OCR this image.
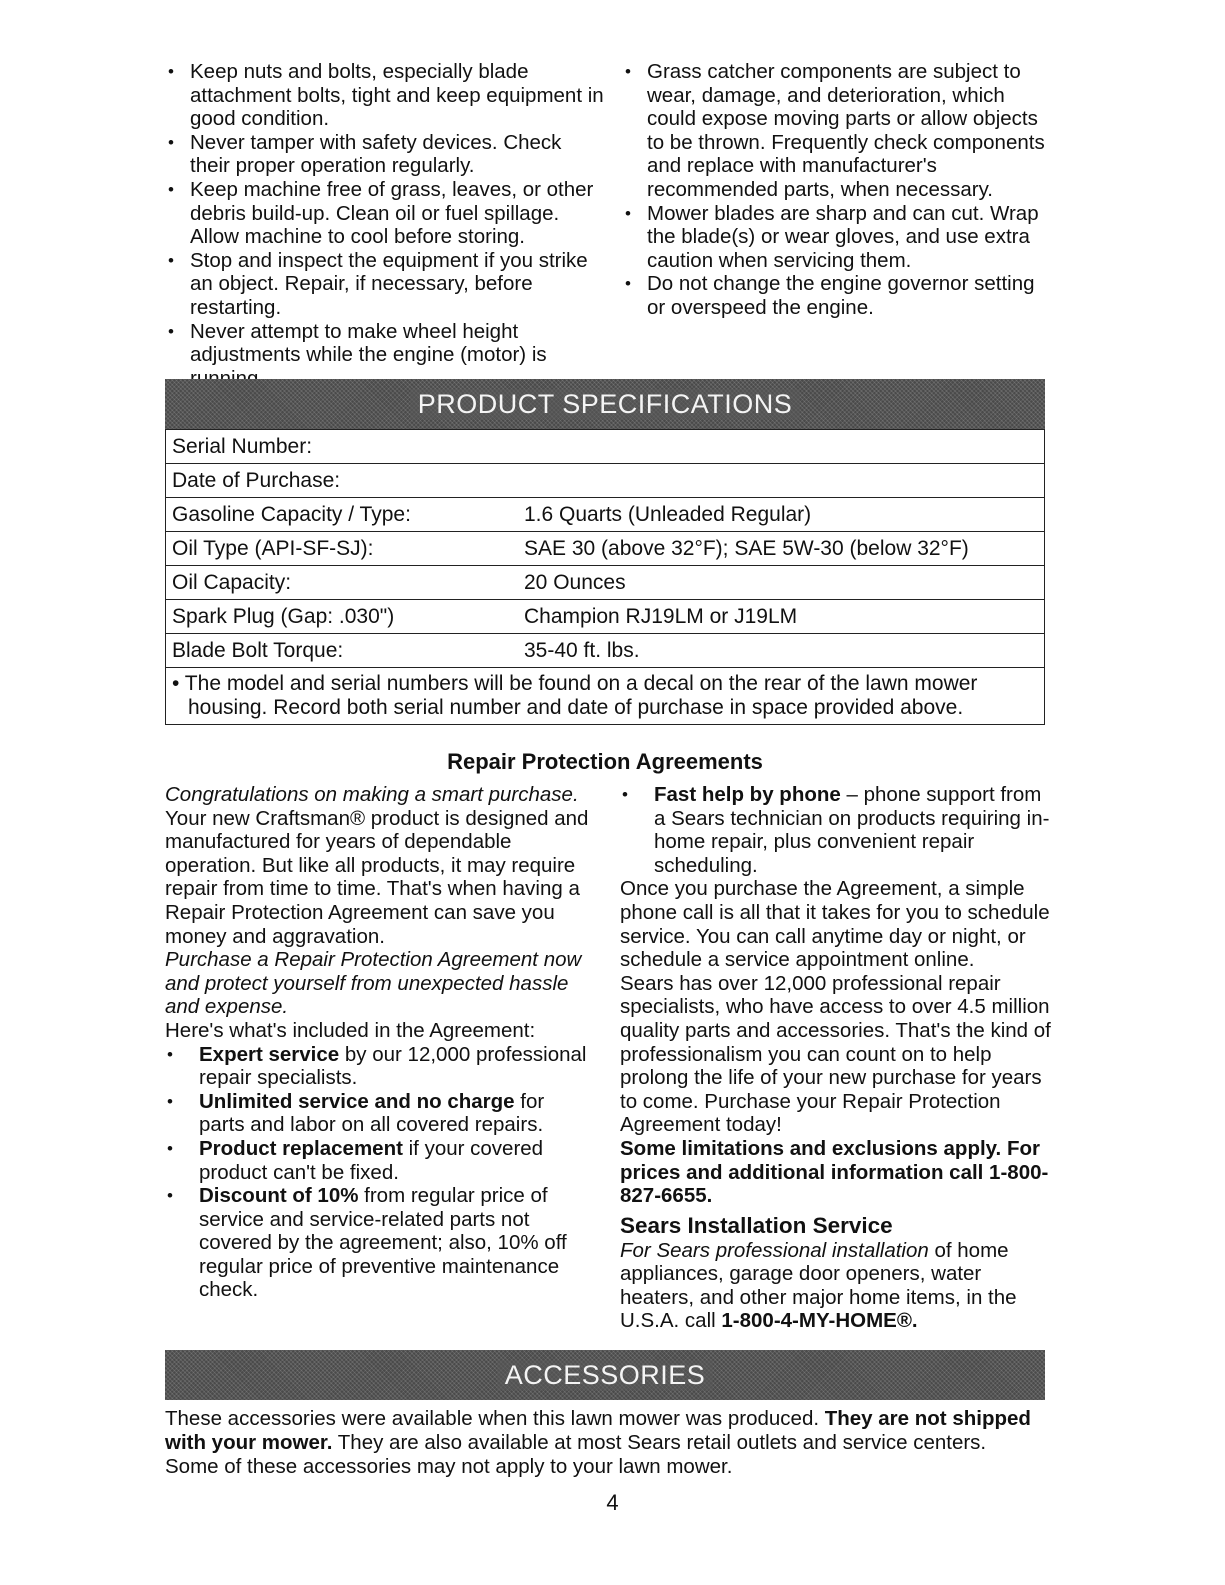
• Keep nuts and bolts, especially blade attachment bolts, tight and keep equipment in good condition.
• Never tamper with safety devices. Check their proper operation regularly.
• Keep machine free of grass, leaves, or other debris build-up. Clean oil or fuel spillage. Allow machine to cool before storing.
• Stop and inspect the equipment if you strike an object. Repair, if necessary, before restarting.
• Never attempt to make wheel height adjustments while the engine (motor) is
• Grass catcher components are subject to wear, damage, and deterioration, which could expose moving parts or allow objects to be thrown. Frequently check components and replace with manufacturer's recommended parts, when necessary.
• Mower blades are sharp and can cut. Wrap the blade(s) or wear gloves, and use extra caution when servicing them.
• Do not change the engine governor setting or overspeed the engine.
PRODUCT SPECIFICATIONS
Serial Number:	
Date of Purchase:	
Gasoline Capacity / Type:	1.6 Quarts (Unleaded Regular)
Oil Type (API-SF-SJ):	SAE 30 (above 32°F); SAE 5W-30 (below 32°F)
Oil Capacity:	20 Ounces
Spark Plug (Gap: .030")	Champion RJ19LM or J19LM
Blade Bolt Torque:	35-40 ft. lbs.

• The model and serial numbers will be found on a decal on the rear of the lawn mower housing. Record both serial number and date of purchase in space provided above.	
Repair Protection Agreements

Congratulations on making a smart purchase. Your new Craftsman® product is designed and manufactured for years of dependable operation. But like all products, it may require repair from time to time. That's when having a Repair Protection Agreement can save you money and aggravation.

Purchase a Repair Protection Agreement now and protect yourself from unexpected hassle and expense.

Here's what's included in the Agreement:

• Expert service by our 12,000 professional repair specialists.
• Unlimited service and no charge for parts and labor on all covered repairs.
• Product replacement if your covered product can't be fixed.
• Discount of 10% from regular price of service and service-related parts not covered by the agreement; also, 10% off regular price of preventive maintenance check.
• Fast help by phone – phone support from a Sears technician on products requiring in-home repair, plus convenient repair scheduling.

Once you purchase the Agreement, a simple phone call is all that it takes for you to schedule service. You can call anytime day or night, or schedule a service appointment online.

Sears has over 12,000 professional repair specialists, who have access to over 4.5 million quality parts and accessories. That's the kind of professionalism you can count on to help prolong the life of your new purchase for years to come. Purchase your Repair Protection Agreement today!

Some limitations and exclusions apply. For prices and additional information call 1-800-827-6655.

Sears Installation Service

For Sears professional installation of home appliances, garage door openers, water heaters, and other major home items, in the U.S.A. call 1-800-4-MY-HOME®.

ACCESSORIES
These accessories were available when this lawn mower was produced. They are not shipped with your mower. They are also available at most Sears retail outlets and service centers. Some of these accessories may not apply to your lawn mower.
4
